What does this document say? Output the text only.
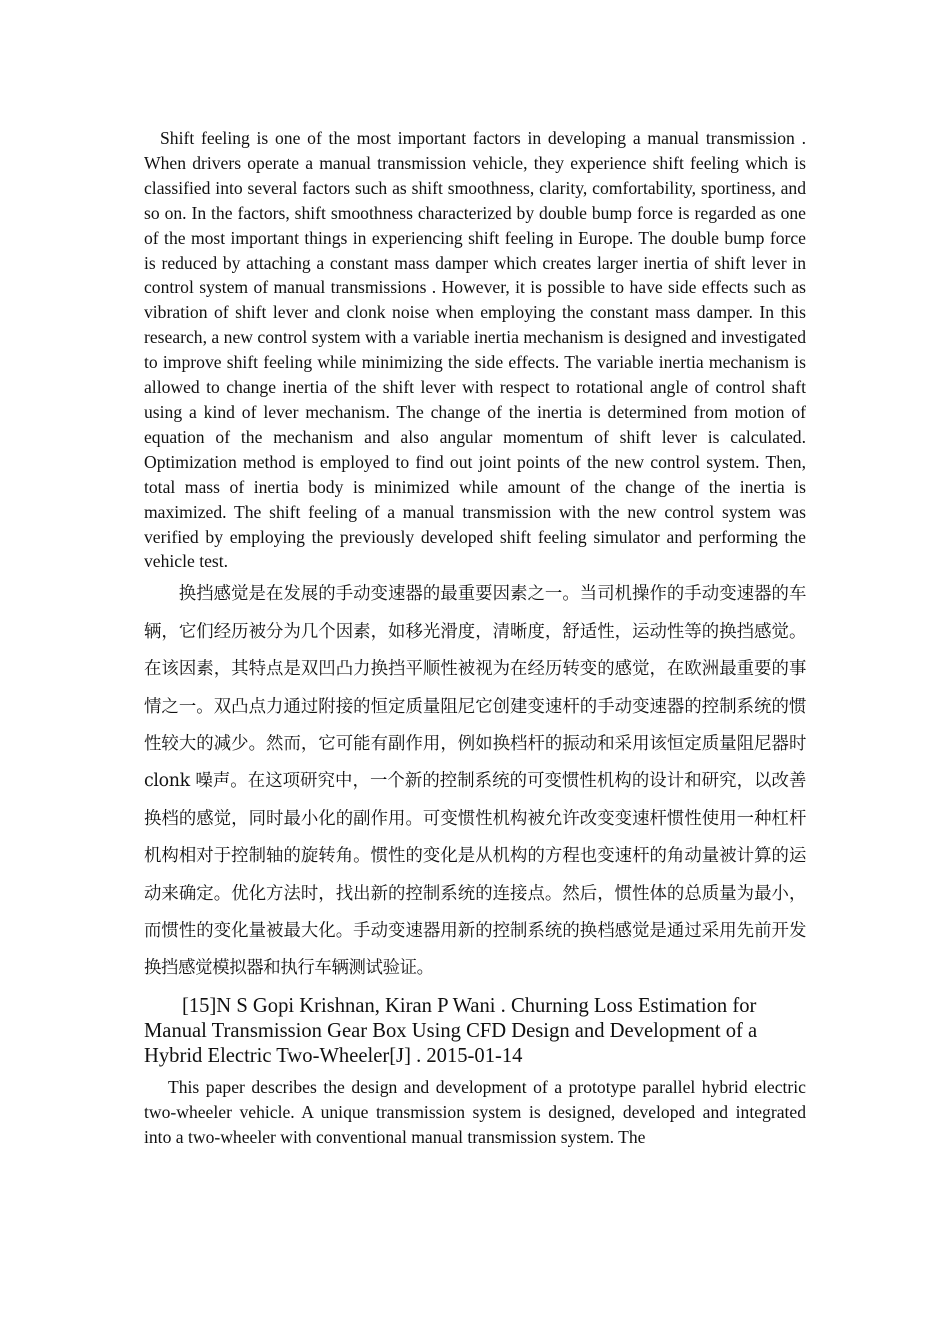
Shift feeling is one of the most important factors in developing a manual transmission . When drivers operate a manual transmission vehicle, they experience shift feeling which is classified into several factors such as shift smoothness, clarity, comfortability, sportiness, and so on. In the factors, shift smoothness characterized by double bump force is regarded as one of the most important things in experiencing shift feeling in Europe. The double bump force is reduced by attaching a constant mass damper which creates larger inertia of shift lever in control system of manual transmissions . However, it is possible to have side effects such as vibration of shift lever and clonk noise when employing the constant mass damper. In this research, a new control system with a variable inertia mechanism is designed and investigated to improve shift feeling while minimizing the side effects. The variable inertia mechanism is allowed to change inertia of the shift lever with respect to rotational angle of control shaft using a kind of lever mechanism. The change of the inertia is determined from motion of equation of the mechanism and also angular momentum of shift lever is calculated. Optimization method is employed to find out joint points of the new control system. Then, total mass of inertia body is minimized while amount of the change of the inertia is maximized. The shift feeling of a manual transmission with the new control system was verified by employing the previously developed shift feeling simulator and performing the vehicle test.

换挡感觉是在发展的手动变速器的最重要因素之一。当司机操作的手动变速器的车辆，它们经历被分为几个因素，如移光滑度，清晰度，舒适性，运动性等的换挡感觉。在该因素，其特点是双凹凸力换挡平顺性被视为在经历转变的感觉，在欧洲最重要的事情之一。双凸点力通过附接的恒定质量阻尼它创建变速杆的手动变速器的控制系统的惯性较大的减少。然而，它可能有副作用，例如换档杆的振动和采用该恒定质量阻尼器时 clonk 噪声。在这项研究中，一个新的控制系统的可变惯性机构的设计和研究，以改善换档的感觉，同时最小化的副作用。可变惯性机构被允许改变变速杆惯性使用一种杠杆机构相对于控制轴的旋转角。惯性的变化是从机构的方程也变速杆的角动量被计算的运动来确定。优化方法时，找出新的控制系统的连接点。然后，惯性体的总质量为最小，而惯性的变化量被最大化。手动变速器用新的控制系统的换档感觉是通过采用先前开发换挡感觉模拟器和执行车辆测试验证。

[15]N S Gopi Krishnan, Kiran P Wani . Churning Loss Estimation for Manual Transmission Gear Box Using CFD Design and Development of a Hybrid Electric Two-Wheeler[J] . 2015-01-14

This paper describes the design and development of a prototype parallel hybrid electric two-wheeler vehicle. A unique transmission system is designed, developed and integrated into a two-wheeler with conventional manual transmission system. The
